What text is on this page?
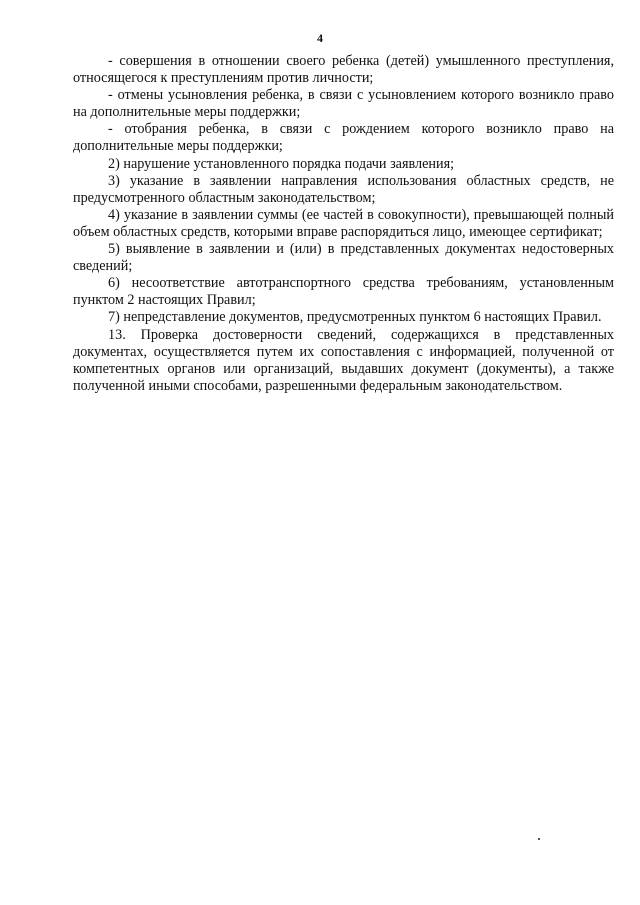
4

- совершения в отношении своего ребенка (детей) умышленного преступления, относящегося к преступлениям против личности;

- отмены усыновления ребенка, в связи с усыновлением которого возникло право на дополнительные меры поддержки;

- отобрания ребенка, в связи с рождением которого возникло право на дополнительные меры поддержки;

2) нарушение установленного порядка подачи заявления;

3) указание в заявлении направления использования областных средств, не предусмотренного областным законодательством;

4) указание в заявлении суммы (ее частей в совокупности), превышающей полный объем областных средств, которыми вправе распорядиться лицо, имеющее сертификат;

5) выявление в заявлении и (или) в представленных документах недостоверных сведений;

6) несоответствие автотранспортного средства требованиям, установленным пунктом 2 настоящих Правил;

7) непредставление документов, предусмотренных пунктом 6 настоящих Правил.

13. Проверка достоверности сведений, содержащихся в представленных документах, осуществляется путем их сопоставления с информацией, полученной от компетентных органов или организаций, выдавших документ (документы), а также полученной иными способами, разрешенными федеральным законодательством.
